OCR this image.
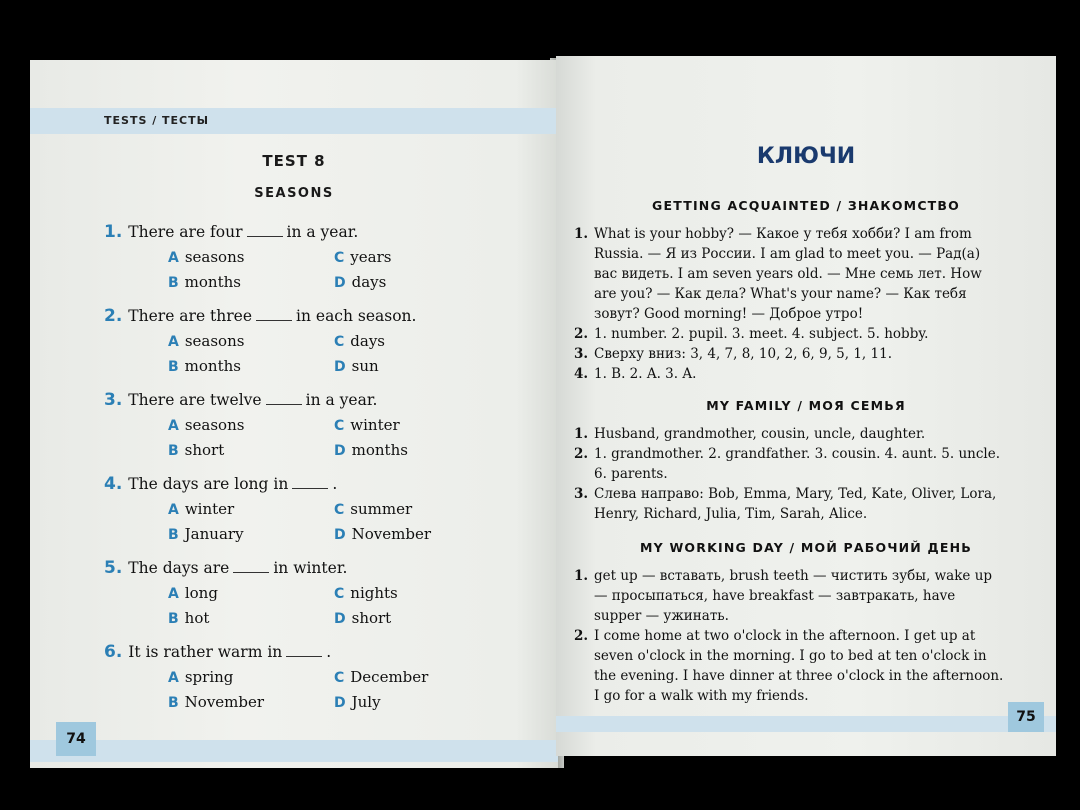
TESTS / ТЕСТЫ
TEST 8
SEASONS
1. There are four	in a year.
A seasons
B months
C years
D days
2. There are three	in each season.
A seasons
B months
C days
D sun
3. There are twelve	in a year.
A seasons
B short
C winter
D months
4. The days are long in	.
A winter
B January
C summer
D November
5. The days are	in winter.
A long
B hot
C nights
D short
6. It is rather warm in	.
A spring
B November
C December
D July
74
КЛЮЧИ
GETTING ACQUAINTED / ЗНАКОМСТВО
1. What is your hobby? — Какое у тебя хобби? I am from Russia. — Я из России. I am glad to meet you. — Рад(а) вас видеть. I am seven years old. — Мне семь лет. How are you? — Как дела? What's your name? — Как тебя зовут? Good morning! — Доброе утро!
2. 1. number. 2. pupil. 3. meet. 4. subject. 5. hobby.
3. Сверху вниз: 3, 4, 7, 8, 10, 2, 6, 9, 5, 1, 11.
4. 1. B. 2. A. 3. A.
MY FAMILY / МОЯ СЕМЬЯ
1. Husband, grandmother, cousin, uncle, daughter.
2. 1. grandmother. 2. grandfather. 3. cousin. 4. aunt. 5. uncle. 6. parents.
3. Слева направо: Bob, Emma, Mary, Ted, Kate, Oliver, Lora, Henry, Richard, Julia, Tim, Sarah, Alice.
MY WORKING DAY / МОЙ РАБОЧИЙ ДЕНЬ
1. get up — вставать, brush teeth — чистить зубы, wake up — просыпаться, have breakfast — завтракать, have supper — ужинать.
2. I come home at two o'clock in the afternoon. I get up at seven o'clock in the morning. I go to bed at ten o'clock in the evening. I have dinner at three o'clock in the afternoon. I go for a walk with my friends.
75
